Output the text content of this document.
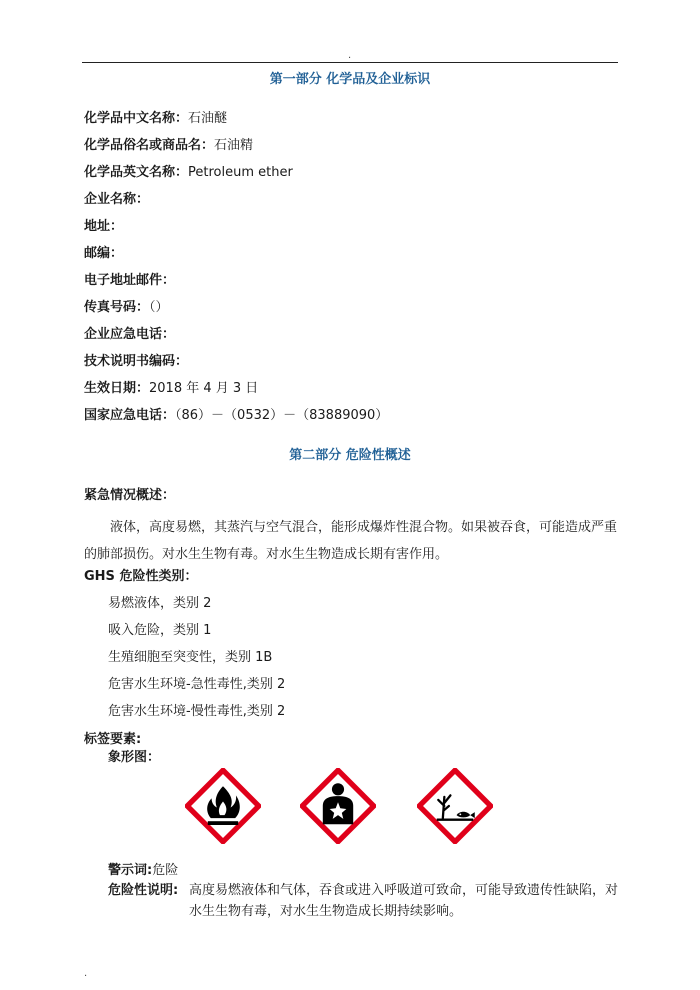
.
第一部分 化学品及企业标识
化学品中文名称：石油醚
化学品俗名或商品名：石油精
化学品英文名称：Petroleum ether
企业名称：
地址：
邮编：
电子地址邮件：
传真号码：（）
企业应急电话：
技术说明书编码：
生效日期：2018 年 4 月 3 日
国家应急电话：（86）－（0532）－（83889090）
第二部分 危险性概述
紧急情况概述：
液体，高度易燃，其蒸汽与空气混合，能形成爆炸性混合物。如果被吞食，可能造成严重的肺部损伤。对水生生物有毒。对水生生物造成长期有害作用。
GHS 危险性类别：
易燃液体，类别 2
吸入危险，类别 1
生殖细胞至突变性，类别 1B
危害水生环境-急性毒性,类别 2
危害水生环境-慢性毒性,类别 2
标签要素:
象形图：
警示词:危险
危险性说明: 高度易燃液体和气体，吞食或进入呼吸道可致命，可能导致遗传性缺陷，对水生生物有毒，对水生生物造成长期持续影响。
.
